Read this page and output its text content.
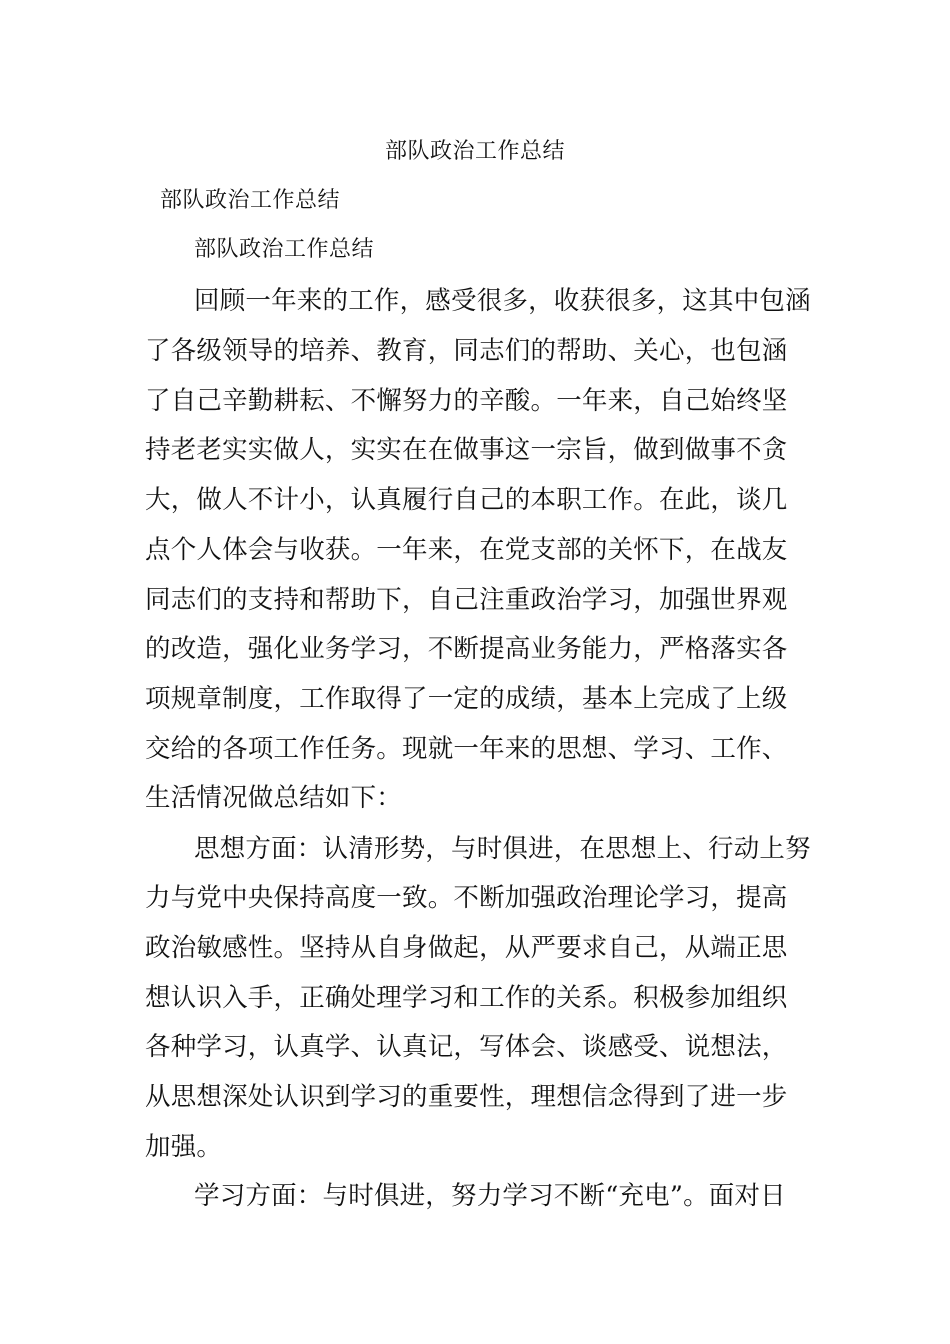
部队政治工作总结
部队政治工作总结
部队政治工作总结
回顾一年来的工作，感受很多，收获很多，这其中包涵
了各级领导的培养、教育，同志们的帮助、关心，也包涵
了自己辛勤耕耘、不懈努力的辛酸。一年来，自己始终坚
持老老实实做人，实实在在做事这一宗旨，做到做事不贪
大，做人不计小，认真履行自己的本职工作。在此，谈几
点个人体会与收获。一年来，在党支部的关怀下，在战友
同志们的支持和帮助下，自己注重政治学习，加强世界观
的改造，强化业务学习，不断提高业务能力，严格落实各
项规章制度，工作取得了一定的成绩，基本上完成了上级
交给的各项工作任务。现就一年来的思想、学习、工作、
生活情况做总结如下：
思想方面：认清形势，与时俱进，在思想上、行动上努
力与党中央保持高度一致。不断加强政治理论学习，提高
政治敏感性。坚持从自身做起，从严要求自己，从端正思
想认识入手，正确处理学习和工作的关系。积极参加组织
各种学习，认真学、认真记，写体会、谈感受、说想法，
从思想深处认识到学习的重要性，理想信念得到了进一步
加强。
学习方面：与时俱进，努力学习不断“充电”。面对日
